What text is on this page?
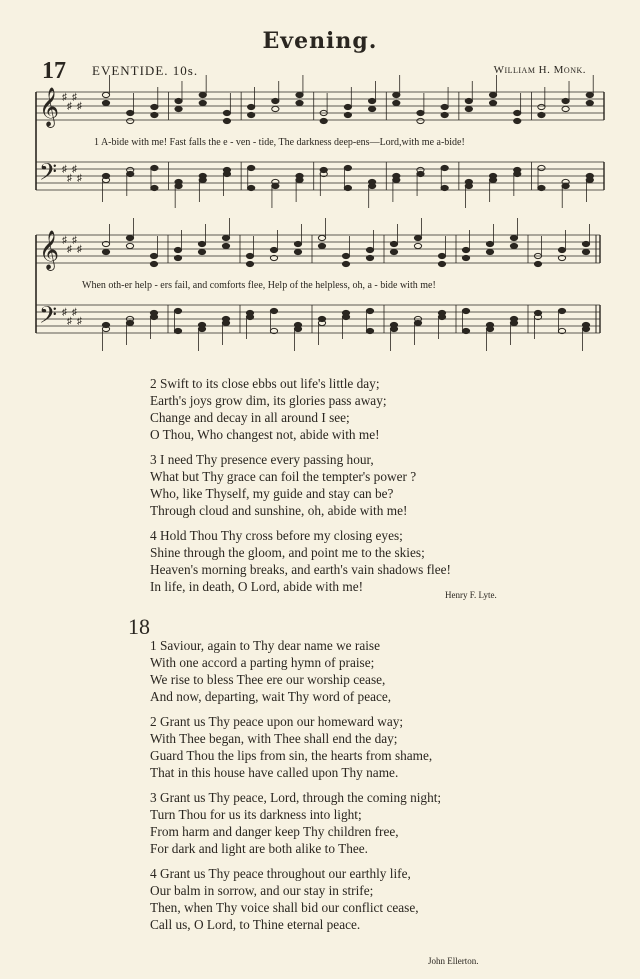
Evening.
17 EVENTIDE. 10s.	William H. Monk.
𝄞
𝄢
♯
♯
♯
♯
♯
♯
♯
♯
𝄞
𝄢
♯
♯
♯
♯
♯
♯
♯
♯
1 A-bide with me! Fast falls the e - ven - tide, The darkness deep-ens—Lord,with me a-bide!
When oth-er help - ers fail, and comforts flee, Help of the helpless, oh, a - bide with me!

2 Swift to its close ebbs out life's little day;
Earth's joys grow dim, its glories pass away;
Change and decay in all around I see;
O Thou, Who changest not, abide with me!

3 I need Thy presence every passing hour,
What but Thy grace can foil the tempter's power ?
Who, like Thyself, my guide and stay can be?
Through cloud and sunshine, oh, abide with me!

4 Hold Thou Thy cross before my closing eyes;
Shine through the gloom, and point me to the skies;
Heaven's morning breaks, and earth's vain shadows flee!
In life, in death, O Lord, abide with me!

Henry F. Lyte.
18

1 Saviour, again to Thy dear name we raise
With one accord a parting hymn of praise;
We rise to bless Thee ere our worship cease,
And now, departing, wait Thy word of peace,

2 Grant us Thy peace upon our homeward way;
With Thee began, with Thee shall end the day;
Guard Thou the lips from sin, the hearts from shame,
That in this house have called upon Thy name.

3 Grant us Thy peace, Lord, through the coming night;
Turn Thou for us its darkness into light;
From harm and danger keep Thy children free,
For dark and light are both alike to Thee.

4 Grant us Thy peace throughout our earthly life,
Our balm in sorrow, and our stay in strife;
Then, when Thy voice shall bid our conflict cease,
Call us, O Lord, to Thine eternal peace.

John Ellerton.
